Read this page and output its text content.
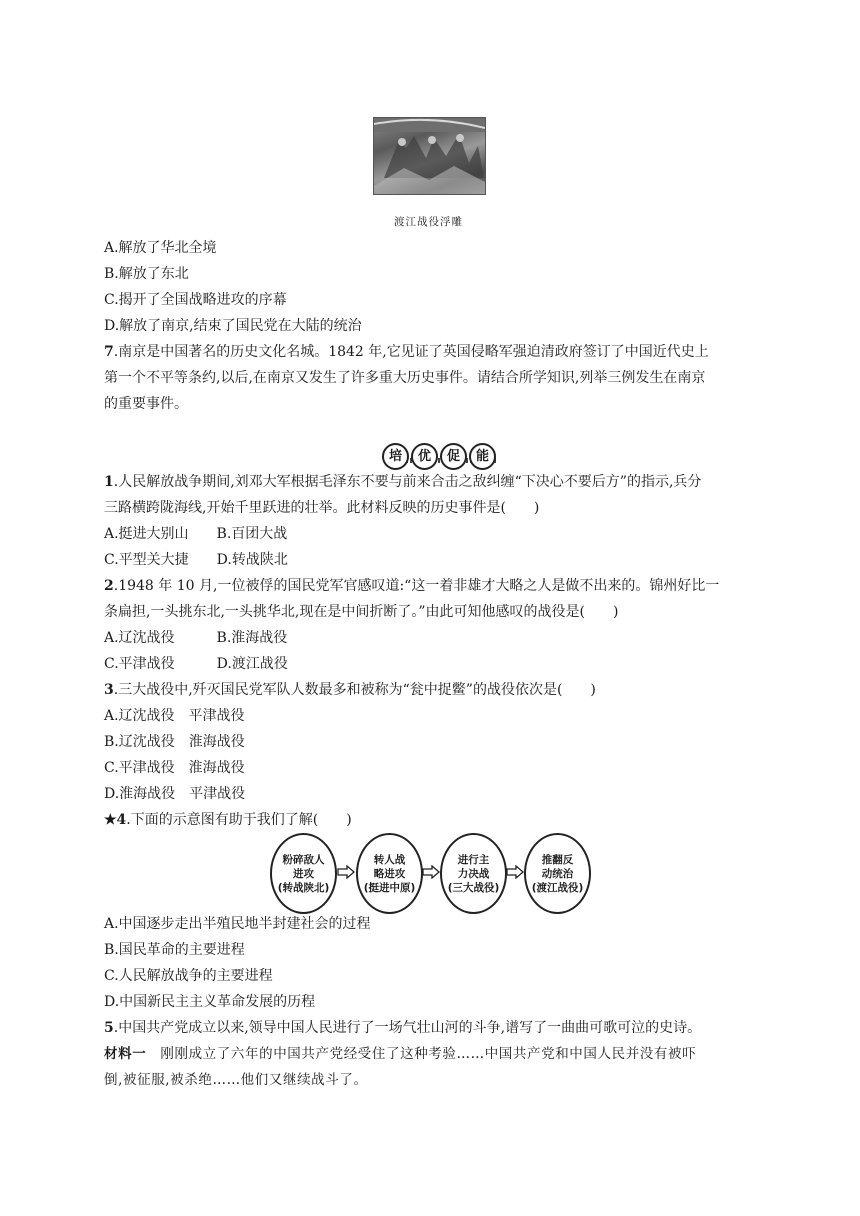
渡江战役浮雕
A.解放了华北全境
B.解放了东北
C.揭开了全国战略进攻的序幕
D.解放了南京,结束了国民党在大陆的统治
7.南京是中国著名的历史文化名城。1842 年,它见证了英国侵略军强迫清政府签订了中国近代史上
第一个不平等条约,以后,在南京又发生了许多重大历史事件。请结合所学知识,列举三例发生在南京
的重要事件。
培	优	促	能
1.人民解放战争期间,刘邓大军根据毛泽东不要与前来合击之敌纠缠“下决心不要后方”的指示,兵分
三路横跨陇海线,开始千里跃进的壮举。此材料反映的历史事件是(　　)
A.挺进大别山　　B.百团大战
C.平型关大捷　　D.转战陕北
2.1948 年 10 月,一位被俘的国民党军官感叹道:“这一着非雄才大略之人是做不出来的。锦州好比一
条扁担,一头挑东北,一头挑华北,现在是中间折断了。”由此可知他感叹的战役是(　　)
A.辽沈战役　　　B.淮海战役
C.平津战役　　　D.渡江战役
3.三大战役中,歼灭国民党军队人数最多和被称为“瓮中捉鳖”的战役依次是(　　)
A.辽沈战役　平津战役
B.辽沈战役　淮海战役
C.平津战役　淮海战役
D.淮海战役　平津战役
★4.下面的示意图有助于我们了解(　　)
粉碎敌人
进攻
(转战陕北)
转人战
略进攻
(挺进中原)
进行主
力决战
(三大战役)
推翻反
动统治
(渡江战役)
A.中国逐步走出半殖民地半封建社会的过程
B.国民革命的主要进程
C.人民解放战争的主要进程
D.中国新民主主义革命发展的历程
5.中国共产党成立以来,领导中国人民进行了一场气壮山河的斗争,谱写了一曲曲可歌可泣的史诗。
材料一　刚刚成立了六年的中国共产党经受住了这种考验……中国共产党和中国人民并没有被吓
倒,被征服,被杀绝……他们又继续战斗了。
